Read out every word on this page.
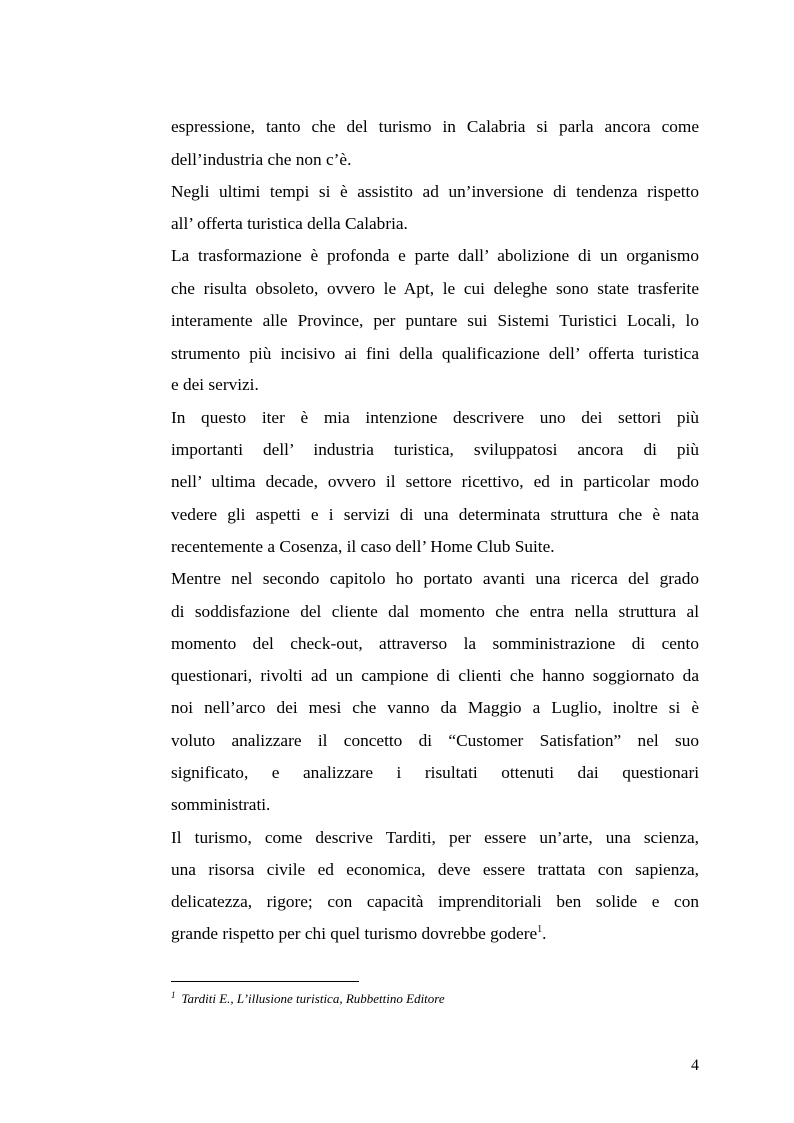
espressione, tanto che del turismo in Calabria si parla ancora come
dell’industria che non c’è.
Negli ultimi tempi si è assistito ad un’inversione di tendenza rispetto
all’ offerta turistica della Calabria.
La trasformazione è profonda e parte dall’ abolizione di un organismo
che risulta obsoleto, ovvero le Apt, le cui deleghe sono state trasferite
interamente alle Province, per puntare sui Sistemi Turistici Locali, lo
strumento più incisivo ai fini della qualificazione dell’ offerta turistica
e dei servizi.
In questo iter è mia intenzione descrivere uno dei settori più
importanti dell’ industria turistica, sviluppatosi ancora di più
nell’ ultima decade, ovvero il settore ricettivo, ed in particolar modo
vedere gli aspetti e i servizi di una determinata struttura che è nata
recentemente a Cosenza, il caso dell’ Home Club Suite.
Mentre nel secondo capitolo ho portato avanti una ricerca del grado
di soddisfazione del cliente dal momento che entra nella struttura al
momento del check-out, attraverso la somministrazione di cento
questionari, rivolti ad un campione di clienti che hanno soggiornato da
noi nell’arco dei mesi che vanno da Maggio a Luglio, inoltre si è
voluto analizzare il concetto di “Customer Satisfation” nel suo
significato, e analizzare i risultati ottenuti dai questionari
somministrati.
Il turismo, come descrive Tarditi, per essere un’arte, una scienza,
una risorsa civile ed economica, deve essere trattata con sapienza,
delicatezza, rigore; con capacità imprenditoriali ben solide e con
grande rispetto per chi quel turismo dovrebbe godere$^1$.
$^1$ Tarditi E., L’illusione turistica, Rubbettino Editore
4
